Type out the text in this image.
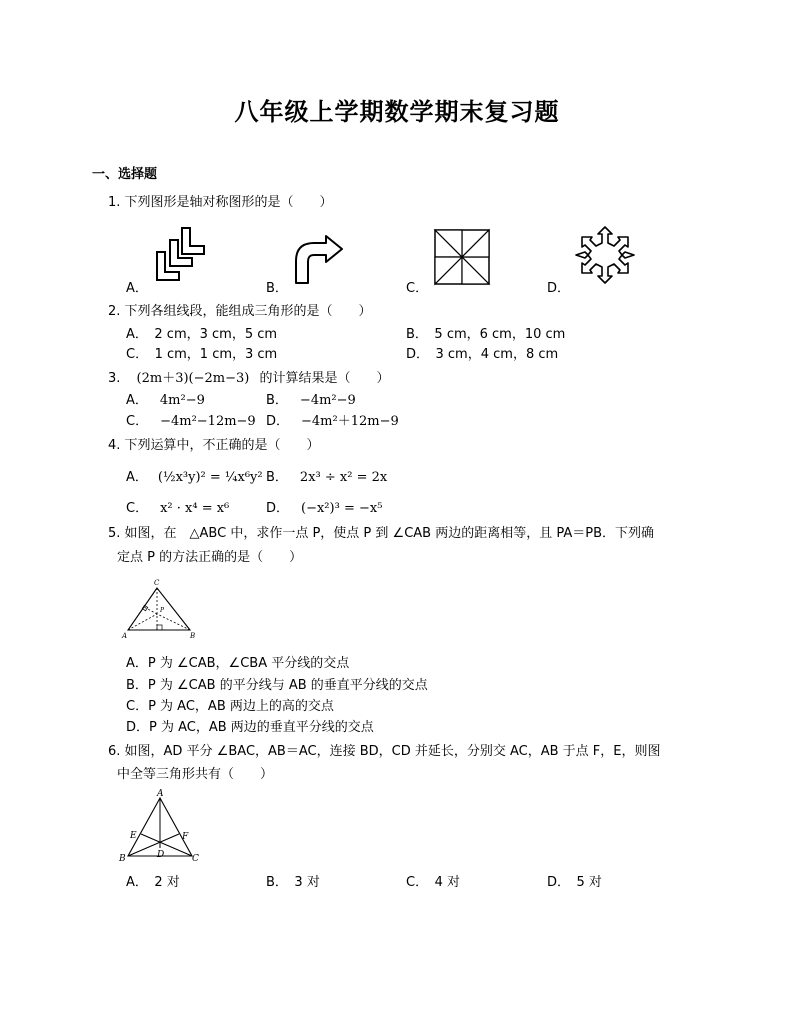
八年级上学期数学期末复习题
一、选择题
1. 下列图形是轴对称图形的是（　　）
A．	B．	C．	D．
2. 下列各组线段，能组成三角形的是（　　）
A．　2 cm，3 cm，5 cm	B．　5 cm，6 cm，10 cm
C．　1 cm，1 cm，3 cm	D．　3 cm，4 cm，8 cm
3. (2m＋3)(−2m−3) 的计算结果是（　　）
A． 4m²−9	B． −4m²−9
C． −4m²−12m−9 D． −4m²＋12m−9
4. 下列运算中，不正确的是（　　）
A． (½x³y)² = ¼x⁶y² B． 2x³ ÷ x² = 2x
C． x² · x⁴ = x⁶	D． (−x²)³ = −x⁵
5. 如图，在　△ABC 中，求作一点 P，使点 P 到 ∠CAB 两边的距离相等，且 PA＝PB．下列确
定点 P 的方法正确的是（　　）
C
A	B
P
A．P 为 ∠CAB，∠CBA 平分线的交点
B．P 为 ∠CAB 的平分线与 AB 的垂直平分线的交点
C．P 为 AC，AB 两边上的高的交点
D．P 为 AC，AB 两边的垂直平分线的交点
6. 如图，AD 平分 ∠BAC，AB＝AC，连接 BD，CD 并延长，分别交 AC，AB 于点 F，E，则图
中全等三角形共有（　　）
A
B	C
D
E	F
A．　2 对	B．　3 对	C．　4 对	D．　5 对
